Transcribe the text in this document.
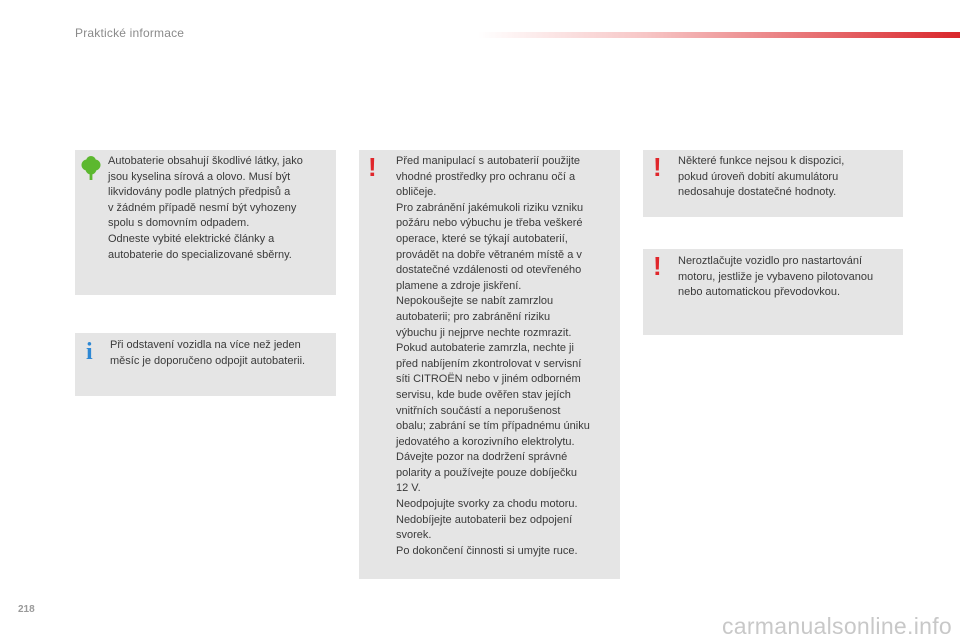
Praktické informace

Autobaterie obsahují škodlivé látky, jako

jsou kyselina sírová a olovo. Musí být

likvidovány podle platných předpisů a

v žádném případě nesmí být vyhozeny

spolu s domovním odpadem.

Odneste vybité elektrické články a

autobaterie do specializované sběrny.

i Při odstavení vozidla na více než jeden

měsíc je doporučeno odpojit autobaterii.

! Před manipulací s autobaterií použijte

vhodné prostředky pro ochranu očí a

obličeje.

Pro zabránění jakémukoli riziku vzniku

požáru nebo výbuchu je třeba veškeré

operace, které se týkají autobaterií,

provádět na dobře větraném místě a v

dostatečné vzdálenosti od otevřeného

plamene a zdroje jiskření.

Nepokoušejte se nabít zamrzlou

autobaterii; pro zabránění riziku

výbuchu ji nejprve nechte rozmrazit.

Pokud autobaterie zamrzla, nechte ji

před nabíjením zkontrolovat v servisní

síti CITROËN nebo v jiném odborném

servisu, kde bude ověřen stav jejích

vnitřních součástí a neporušenost

obalu; zabrání se tím případnému úniku

jedovatého a korozivního elektrolytu.

Dávejte pozor na dodržení správné

polarity a používejte pouze dobíječku

12 V.

Neodpojujte svorky za chodu motoru.

Nedobíjejte autobaterii bez odpojení

svorek.

Po dokončení činnosti si umyjte ruce.

! Některé funkce nejsou k dispozici,

pokud úroveň dobití akumulátoru

nedosahuje dostatečné hodnoty.

! Neroztlačujte vozidlo pro nastartování

motoru, jestliže je vybaveno pilotovanou

nebo automatickou převodovkou.

218
carmanualsonline.info
